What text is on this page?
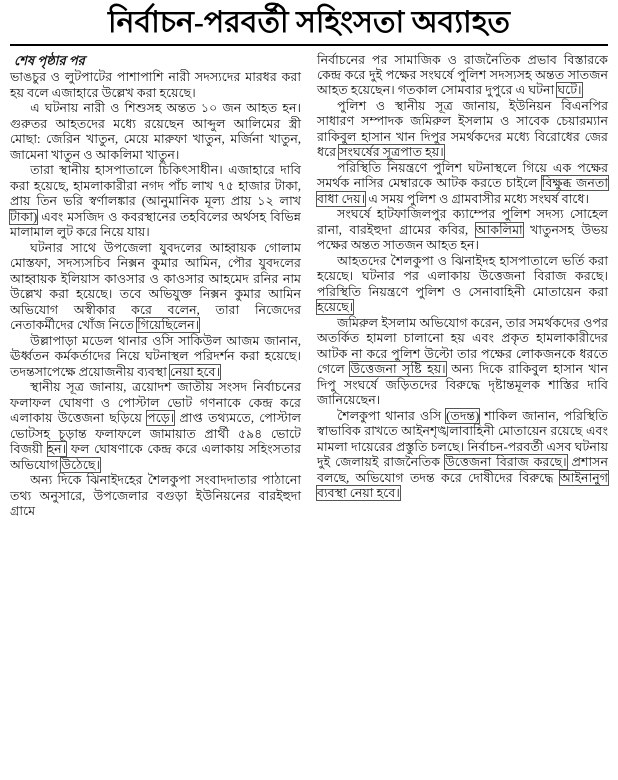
নির্বাচন-পরবর্তী সহিংসতা অব্যাহত

শেষ পৃষ্ঠার পর

ভাঙচুর ও লুটপাটের পাশাপাশি নারী সদস্যদের মারধর করা হয় বলে এজাহারে উল্লেখ করা হয়েছে।

এ ঘটনায় নারী ও শিশুসহ অন্তত ১০ জন আহত হন। গুরুতর আহতদের মধ্যে রয়েছেন আব্দুল আলিমের স্ত্রী মোছা: জেরিন খাতুন, মেয়ে মারুফা খাতুন, মর্জিনা খাতুন, জামেনা খাতুন ও আকলিমা খাতুন।

তারা স্থানীয় হাসপাতালে চিকিৎসাধীন। এজাহারে দাবি করা হয়েছে, হামলাকারীরা নগদ পাঁচ লাখ ৭৫ হাজার টাকা, প্রায় তিন ভরি স্বর্ণালঙ্কার (আনুমানিক মূল্য প্রায় ১২ লাখ টাকা) এবং মসজিদ ও কবরস্থানের তহবিলের অর্থসহ বিভিন্ন মালামাল লুট করে নিয়ে যায়।

ঘটনার সাথে উপজেলা যুবদলের আহ্বায়ক গোলাম মোস্তফা, সদস্যসচিব নিক্সন কুমার আমিন, পৌর যুবদলের আহ্বায়ক ইলিয়াস কাওসার ও কাওসার আহমেদ রনির নাম উল্লেখ করা হয়েছে। তবে অভিযুক্ত নিক্সন কুমার আমিন অভিযোগ অস্বীকার করে বলেন, তারা নিজেদের নেতাকর্মীদের খোঁজ নিতে গিয়েছিলেন।

উল্লাপাড়া মডেল থানার ওসি সাকিউল আজম জানান, ঊর্ধ্বতন কর্মকর্তাদের নিয়ে ঘটনাস্থল পরিদর্শন করা হয়েছে। তদন্তসাপেক্ষে প্রয়োজনীয় ব্যবস্থা নেয়া হবে।

স্থানীয় সূত্র জানায়, ত্রয়োদশ জাতীয় সংসদ নির্বাচনের ফলাফল ঘোষণা ও পোস্টাল ভোট গণনাকে কেন্দ্র করে এলাকায় উত্তেজনা ছড়িয়ে পড়ে। প্রাপ্ত তথ্যমতে, পোস্টাল ভোটসহ চূড়ান্ত ফলাফলে জামায়াত প্রার্থী ৫৯৪ ভোটে বিজয়ী হন। ফল ঘোষণাকে কেন্দ্র করে এলাকায় সহিংসতার অভিযোগ উঠেছে।

অন্য দিকে ঝিনাইদহের শৈলকুপা সংবাদদাতার পাঠানো তথ্য অনুসারে, উপজেলার বগুড়া ইউনিয়নের বারইহুদা গ্রামে

নির্বাচনের পর সামাজিক ও রাজনৈতিক প্রভাব বিস্তারকে কেন্দ্র করে দুই পক্ষের সংঘর্ষে পুলিশ সদস্যসহ অন্তত সাতজন আহত হয়েছেন। গতকাল সোমবার দুপুরে এ ঘটনা ঘটে।

পুলিশ ও স্থানীয় সূত্র জানায়, ইউনিয়ন বিএনপির সাধারণ সম্পাদক জমিরুল ইসলাম ও সাবেক চেয়ারম্যান রাকিবুল হাসান খান দিপুর সমর্থকদের মধ্যে বিরোধের জের ধরে সংঘর্ষের সূত্রপাত হয়।

পরিস্থিতি নিয়ন্ত্রণে পুলিশ ঘটনাস্থলে গিয়ে এক পক্ষের সমর্থক নাসির মেম্বারকে আটক করতে চাইলে বিক্ষুব্ধ জনতা বাধা দেয়। এ সময় পুলিশ ও গ্রামবাসীর মধ্যে সংঘর্ষ বাধে।

সংঘর্ষে হাটফাজিলপুর ক্যাম্পের পুলিশ সদস্য সোহেল রানা, বারইহুদা গ্রামের কবির, আকলিমা খাতুনসহ উভয় পক্ষের অন্তত সাতজন আহত হন।

আহতদের শৈলকুপা ও ঝিনাইদহ হাসপাতালে ভর্তি করা হয়েছে। ঘটনার পর এলাকায় উত্তেজনা বিরাজ করছে। পরিস্থিতি নিয়ন্ত্রণে পুলিশ ও সেনাবাহিনী মোতায়েন করা হয়েছে।

জমিরুল ইসলাম অভিযোগ করেন, তার সমর্থকদের ওপর অতর্কিত হামলা চালানো হয় এবং প্রকৃত হামলাকারীদের আটক না করে পুলিশ উল্টো তার পক্ষের লোকজনকে ধরতে গেলে উত্তেজনা সৃষ্টি হয়। অন্য দিকে রাকিবুল হাসান খান দিপু সংঘর্ষে জড়িতদের বিরুদ্ধে দৃষ্টান্তমূলক শাস্তির দাবি জানিয়েছেন।

শৈলকুপা থানার ওসি (তদন্ত) শাকিল জানান, পরিস্থিতি স্বাভাবিক রাখতে আইনশৃঙ্খলাবাহিনী মোতায়েন রয়েছে এবং মামলা দায়েরের প্রস্তুতি চলছে। নির্বাচন-পরবর্তী এসব ঘটনায় দুই জেলায়ই রাজনৈতিক উত্তেজনা বিরাজ করছে। প্রশাসন বলছে, অভিযোগ তদন্ত করে দোষীদের বিরুদ্ধে আইনানুগ ব্যবস্থা নেয়া হবে।
